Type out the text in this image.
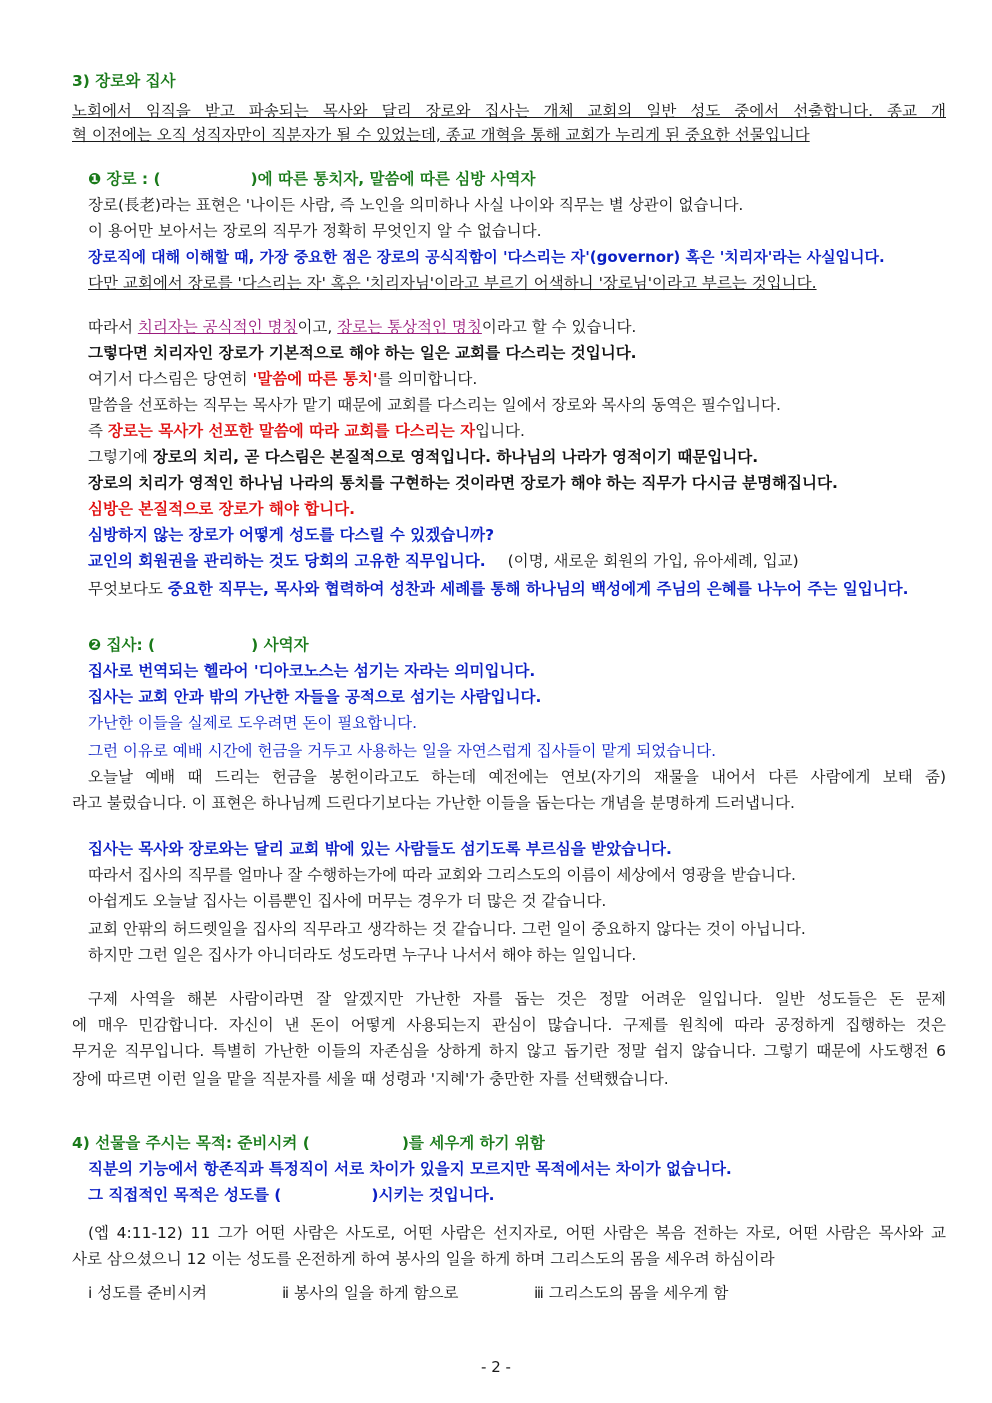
3) 장로와 집사
노회에서 임직을 받고 파송되는 목사와 달리 장로와 집사는 개체 교회의 일반 성도 중에서 선출합니다. 종교 개
혁 이전에는 오직 성직자만이 직분자가 될 수 있었는데, 종교 개혁을 통해 교회가 누리게 된 중요한 선물입니다
❶ 장로 : (	)에 따른 통치자, 말씀에 따른 심방 사역자
장로(長老)라는 표현은 '나이든 사람, 즉 노인을 의미하나 사실 나이와 직무는 별 상관이 없습니다.
이 용어만 보아서는 장로의 직무가 정확히 무엇인지 알 수 없습니다.
장로직에 대해 이해할 때, 가장 중요한 점은 장로의 공식직함이 '다스리는 자'(governor) 혹은 '치리자'라는 사실입니다.
다만 교회에서 장로를 '다스리는 자' 혹은 '치리자님'이라고 부르기 어색하니 '장로님'이라고 부르는 것입니다.
따라서 치리자는 공식적인 명칭이고, 장로는 통상적인 명칭이라고 할 수 있습니다.
그렇다면 치리자인 장로가 기본적으로 해야 하는 일은 교회를 다스리는 것입니다.
여기서 다스림은 당연히 '말씀에 따른 통치'를 의미합니다.
말씀을 선포하는 직무는 목사가 맡기 때문에 교회를 다스리는 일에서 장로와 목사의 동역은 필수입니다.
즉 장로는 목사가 선포한 말씀에 따라 교회를 다스리는 자입니다.
그렇기에 장로의 치리, 곧 다스림은 본질적으로 영적입니다. 하나님의 나라가 영적이기 때문입니다.
장로의 치리가 영적인 하나님 나라의 통치를 구현하는 것이라면 장로가 해야 하는 직무가 다시금 분명해집니다.
심방은 본질적으로 장로가 해야 합니다.
심방하지 않는 장로가 어떻게 성도를 다스릴 수 있겠습니까?
교인의 회원권을 관리하는 것도 당회의 고유한 직무입니다. (이명, 새로운 회원의 가입, 유아세례, 입교)
무엇보다도 중요한 직무는, 목사와 협력하여 성찬과 세례를 통해 하나님의 백성에게 주님의 은혜를 나누어 주는 일입니다.
❷ 집사: (	) 사역자
집사로 번역되는 헬라어 '디아코노스는 섬기는 자라는 의미입니다.
집사는 교회 안과 밖의 가난한 자들을 공적으로 섬기는 사람입니다.
가난한 이들을 실제로 도우려면 돈이 필요합니다.
그런 이유로 예배 시간에 헌금을 거두고 사용하는 일을 자연스럽게 집사들이 맡게 되었습니다.
오늘날 예배 때 드리는 헌금을 봉헌이라고도 하는데 예전에는 연보(자기의 재물을 내어서 다른 사람에게 보태 줌)
라고 불렀습니다. 이 표현은 하나님께 드린다기보다는 가난한 이들을 돕는다는 개념을 분명하게 드러냅니다.
집사는 목사와 장로와는 달리 교회 밖에 있는 사람들도 섬기도록 부르심을 받았습니다.
따라서 집사의 직무를 얼마나 잘 수행하는가에 따라 교회와 그리스도의 이름이 세상에서 영광을 받습니다.
아쉽게도 오늘날 집사는 이름뿐인 집사에 머무는 경우가 더 많은 것 같습니다.
교회 안팎의 허드렛일을 집사의 직무라고 생각하는 것 같습니다. 그런 일이 중요하지 않다는 것이 아닙니다.
하지만 그런 일은 집사가 아니더라도 성도라면 누구나 나서서 해야 하는 일입니다.
구제 사역을 해본 사람이라면 잘 알겠지만 가난한 자를 돕는 것은 정말 어려운 일입니다. 일반 성도들은 돈 문제
에 매우 민감합니다. 자신이 낸 돈이 어떻게 사용되는지 관심이 많습니다. 구제를 원칙에 따라 공정하게 집행하는 것은
무거운 직무입니다. 특별히 가난한 이들의 자존심을 상하게 하지 않고 돕기란 정말 쉽지 않습니다. 그렇기 때문에 사도행전 6
장에 따르면 이런 일을 맡을 직분자를 세울 때 성령과 '지혜'가 충만한 자를 선택했습니다.
4) 선물을 주시는 목적: 준비시켜 (	)를 세우게 하기 위함
직분의 기능에서 항존직과 특정직이 서로 차이가 있을지 모르지만 목적에서는 차이가 없습니다.
그 직접적인 목적은 성도를 (	)시키는 것입니다.
(엡 4:11-12) 11 그가 어떤 사람은 사도로, 어떤 사람은 선지자로, 어떤 사람은 복음 전하는 자로, 어떤 사람은 목사와 교
사로 삼으셨으니 12 이는 성도를 온전하게 하여 봉사의 일을 하게 하며 그리스도의 몸을 세우려 하심이라
ⅰ 성도를 준비시켜	ⅱ 봉사의 일을 하게 함으로	ⅲ 그리스도의 몸을 세우게 함
- 2 -
